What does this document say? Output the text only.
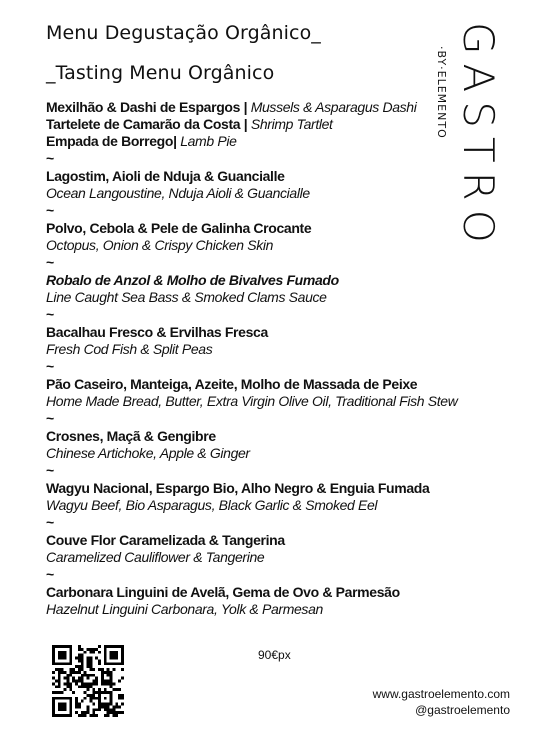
Menu Degustação Orgânico_
_Tasting Menu Orgânico	GASTRO
·BY·ELEMENTO
Mexilhão & Dashi de Espargos | Mussels & Asparagus Dashi
Tartelete de Camarão da Costa | Shrimp Tartlet
Empada de Borrego| Lamb Pie
~
Lagostim, Aioli de Nduja & Guancialle
Ocean Langoustine, Nduja Aioli & Guancialle
~
Polvo, Cebola & Pele de Galinha Crocante
Octopus, Onion & Crispy Chicken Skin
~
Robalo de Anzol & Molho de Bivalves Fumado
Line Caught Sea Bass & Smoked Clams Sauce
~
Bacalhau Fresco & Ervilhas Fresca
Fresh Cod Fish & Split Peas
~
Pão Caseiro, Manteiga, Azeite, Molho de Massada de Peixe
Home Made Bread, Butter, Extra Virgin Olive Oil, Traditional Fish Stew
~
Crosnes, Maçã & Gengibre
Chinese Artichoke, Apple & Ginger
~
Wagyu Nacional, Espargo Bio, Alho Negro & Enguia Fumada
Wagyu Beef, Bio Asparagus, Black Garlic & Smoked Eel
~
Couve Flor Caramelizada & Tangerina
Caramelized Cauliflower & Tangerine
~
Carbonara Linguini de Avelã, Gema de Ovo & Parmesão
Hazelnut Linguini Carbonara, Yolk & Parmesan
90€px
www.gastroelemento.com
@gastroelemento
